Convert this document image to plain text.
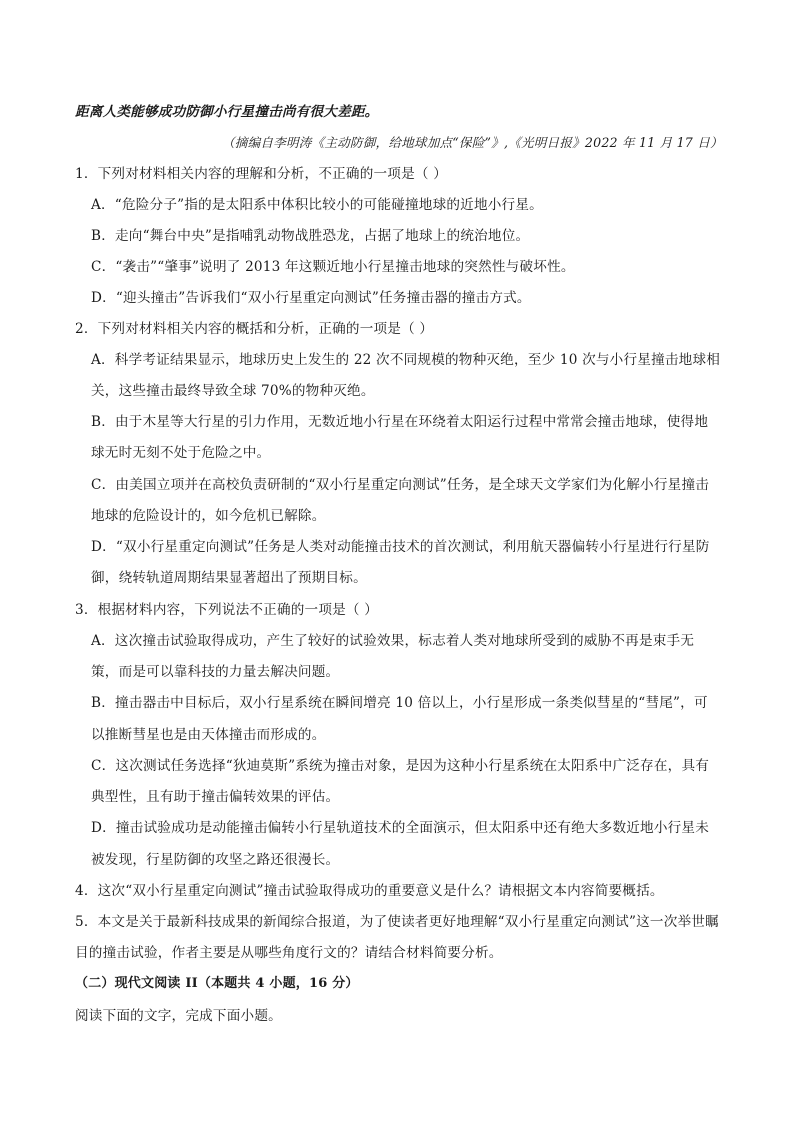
距离人类能够成功防御小行星撞击尚有很大差距。
（摘编自李明涛《主动防御，给地球加点“保险”》,《光明日报》2022 年 11 月 17 日）
1．下列对材料相关内容的理解和分析，不正确的一项是（ ）
A．“危险分子”指的是太阳系中体积比较小的可能碰撞地球的近地小行星。
B．走向“舞台中央”是指哺乳动物战胜恐龙，占据了地球上的统治地位。
C．“袭击”“肇事”说明了 2013 年这颗近地小行星撞击地球的突然性与破坏性。
D．“迎头撞击”告诉我们“双小行星重定向测试”任务撞击器的撞击方式。
2．下列对材料相关内容的概括和分析，正确的一项是（ ）
A．科学考证结果显示，地球历史上发生的 22 次不同规模的物种灭绝，至少 10 次与小行星撞击地球相
关，这些撞击最终导致全球 70%的物种灭绝。
B．由于木星等大行星的引力作用，无数近地小行星在环绕着太阳运行过程中常常会撞击地球，使得地
球无时无刻不处于危险之中。
C．由美国立项并在高校负责研制的“双小行星重定向测试”任务，是全球天文学家们为化解小行星撞击
地球的危险设计的，如今危机已解除。
D．“双小行星重定向测试”任务是人类对动能撞击技术的首次测试，利用航天器偏转小行星进行行星防
御，绕转轨道周期结果显著超出了预期目标。
3．根据材料内容，下列说法不正确的一项是（ ）
A．这次撞击试验取得成功，产生了较好的试验效果，标志着人类对地球所受到的威胁不再是束手无
策，而是可以靠科技的力量去解决问题。
B．撞击器击中目标后，双小行星系统在瞬间增亮 10 倍以上，小行星形成一条类似彗星的“彗尾”，可
以推断彗星也是由天体撞击而形成的。
C．这次测试任务选择“狄迪莫斯”系统为撞击对象，是因为这种小行星系统在太阳系中广泛存在，具有
典型性，且有助于撞击偏转效果的评估。
D．撞击试验成功是动能撞击偏转小行星轨道技术的全面演示，但太阳系中还有绝大多数近地小行星未
被发现，行星防御的攻坚之路还很漫长。
4．这次“双小行星重定向测试”撞击试验取得成功的重要意义是什么？请根据文本内容简要概括。
5．本文是关于最新科技成果的新闻综合报道，为了使读者更好地理解“双小行星重定向测试”这一次举世瞩
目的撞击试验，作者主要是从哪些角度行文的？请结合材料简要分析。
（二）现代文阅读 II（本题共 4 小题，16 分）
阅读下面的文字，完成下面小题。
